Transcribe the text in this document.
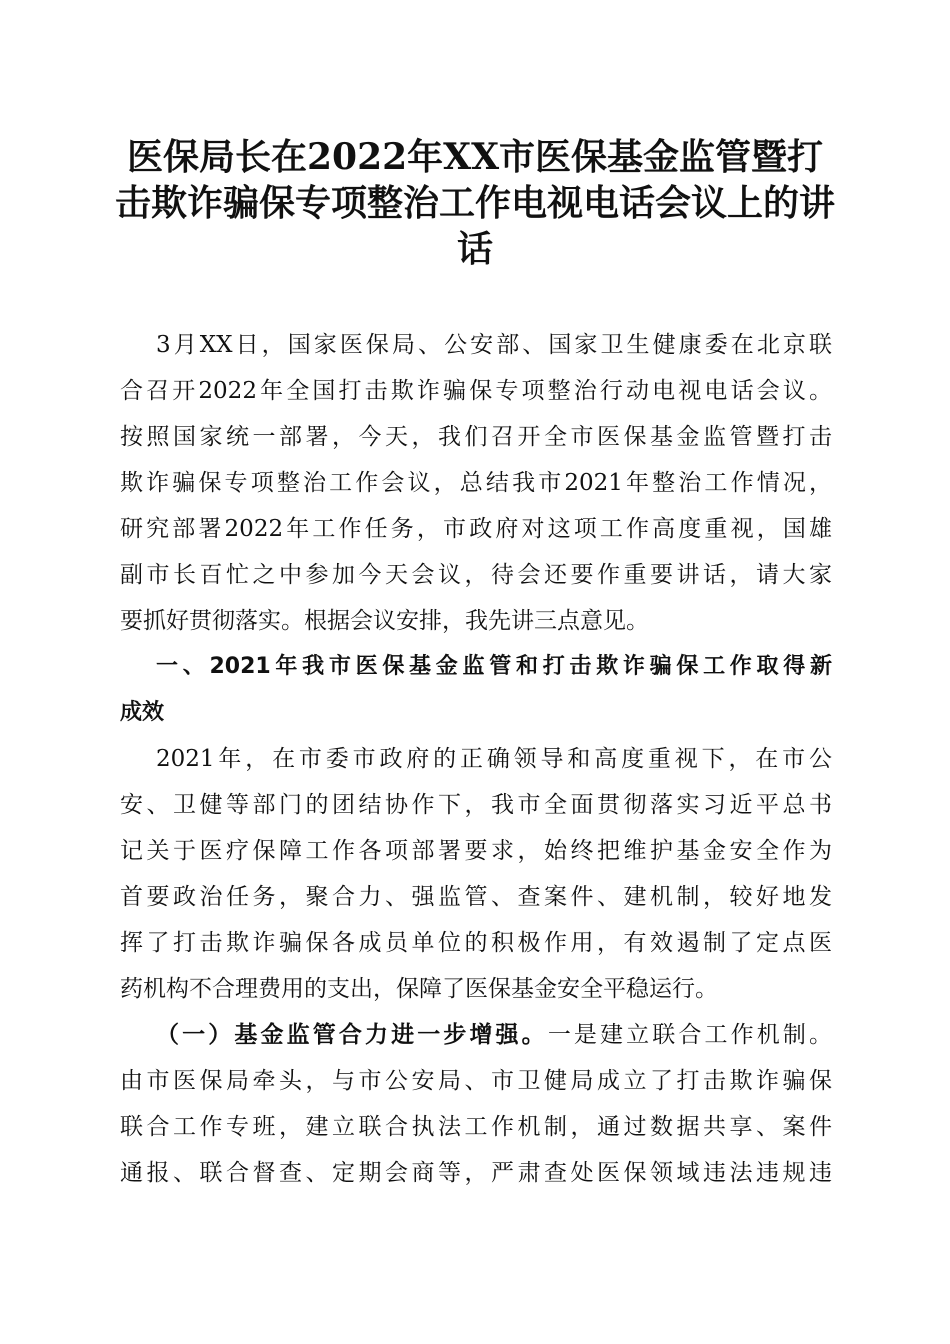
医保局长在2022年XX市医保基金监管暨打
击欺诈骗保专项整治工作电视电话会议上的讲
话
3月XX日，国家医保局、公安部、国家卫生健康委在北京联
合召开2022年全国打击欺诈骗保专项整治行动电视电话会议。
按照国家统一部署，今天，我们召开全市医保基金监管暨打击
欺诈骗保专项整治工作会议，总结我市2021年整治工作情况，
研究部署2022年工作任务，市政府对这项工作高度重视，国雄
副市长百忙之中参加今天会议，待会还要作重要讲话，请大家
要抓好贯彻落实。根据会议安排，我先讲三点意见。
一、2021年我市医保基金监管和打击欺诈骗保工作取得新
成效
2021年，在市委市政府的正确领导和高度重视下，在市公
安、卫健等部门的团结协作下，我市全面贯彻落实习近平总书
记关于医疗保障工作各项部署要求，始终把维护基金安全作为
首要政治任务，聚合力、强监管、查案件、建机制，较好地发
挥了打击欺诈骗保各成员单位的积极作用，有效遏制了定点医
药机构不合理费用的支出，保障了医保基金安全平稳运行。
（一）基金监管合力进一步增强。一是建立联合工作机制。
由市医保局牵头，与市公安局、市卫健局成立了打击欺诈骗保
联合工作专班，建立联合执法工作机制，通过数据共享、案件
通报、联合督查、定期会商等，严肃查处医保领域违法违规违
